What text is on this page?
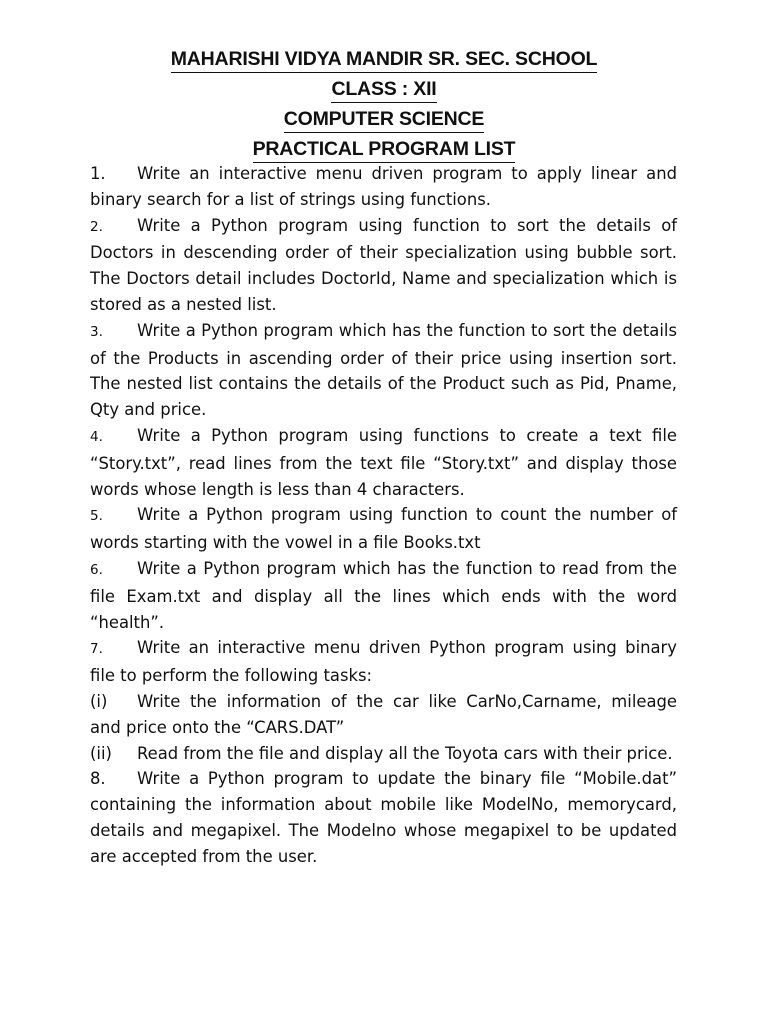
MAHARISHI VIDYA MANDIR SR. SEC. SCHOOL
CLASS : XII
COMPUTER SCIENCE
PRACTICAL PROGRAM LIST
1. Write an interactive menu driven program to apply linear and binary search for a list of strings using functions.
2. Write a Python program using function to sort the details of Doctors in descending order of their specialization using bubble sort. The Doctors detail includes DoctorId, Name and specialization which is stored as a nested list.
3. Write a Python program which has the function to sort the details of the Products in ascending order of their price using insertion sort. The nested list contains the details of the Product such as Pid, Pname, Qty and price.
4. Write a Python program using functions to create a text file “Story.txt”, read lines from the text file “Story.txt” and display those words whose length is less than 4 characters.
5. Write a Python program using function to count the number of words starting with the vowel in a file Books.txt
6. Write a Python program which has the function to read from the file Exam.txt and display all the lines which ends with the word “health”.
7. Write an interactive menu driven Python program using binary file to perform the following tasks:
(i) Write the information of the car like CarNo,Carname, mileage and price onto the “CARS.DAT”
(ii) Read from the file and display all the Toyota cars with their price.
8. Write a Python program to update the binary file “Mobile.dat” containing the information about mobile like ModelNo, memorycard, details and megapixel. The Modelno whose megapixel to be updated are accepted from the user.
